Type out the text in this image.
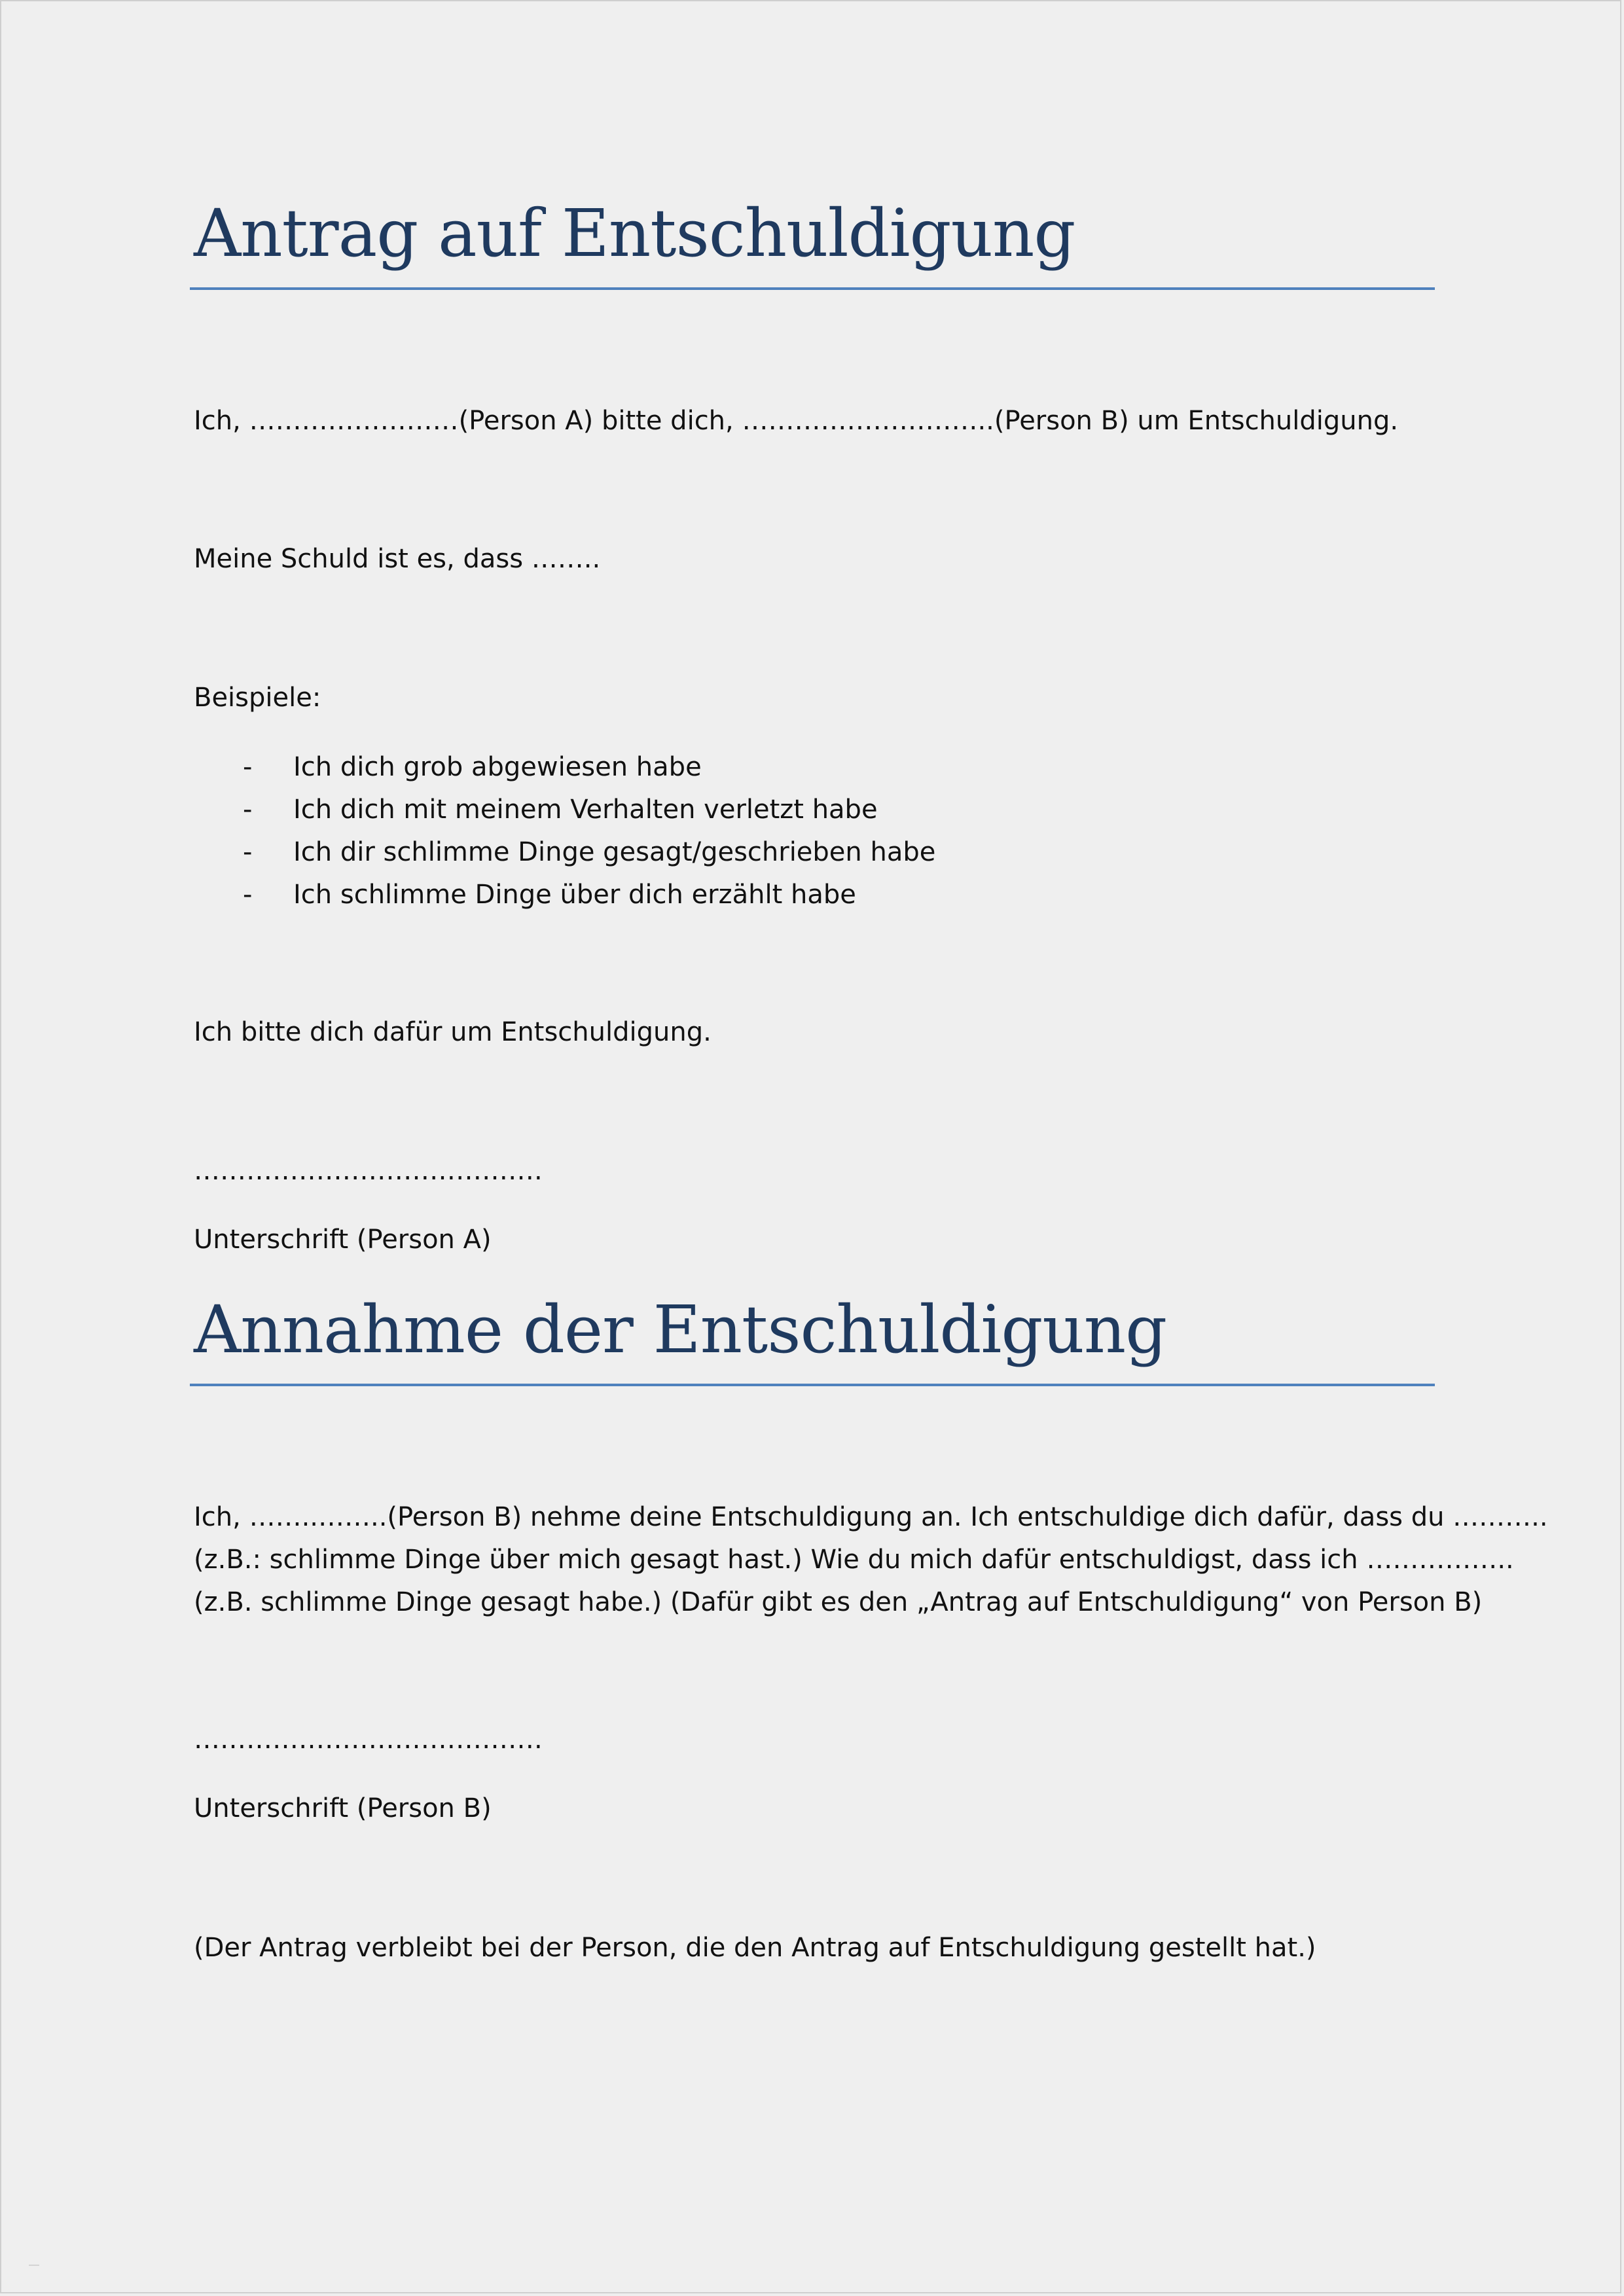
Antrag auf Entschuldigung
Ich, ……………………(Person A) bitte dich, ………………………..(Person B) um Entschuldigung.
Meine Schuld ist es, dass ……..
Beispiele:
- Ich dich grob abgewiesen habe
- Ich dich mit meinem Verhalten verletzt habe
- Ich dir schlimme Dinge gesagt/geschrieben habe
- Ich schlimme Dinge über dich erzählt habe
Ich bitte dich dafür um Entschuldigung.
………………………………….
Unterschrift (Person A)
Annahme der Entschuldigung
Ich, ……..……..(Person B) nehme deine Entschuldigung an. Ich entschuldige dich dafür, dass du ………..
(z.B.: schlimme Dinge über mich gesagt hast.) Wie du mich dafür entschuldigst, dass ich ……………..
(z.B. schlimme Dinge gesagt habe.) (Dafür gibt es den „Antrag auf Entschuldigung“ von Person B)
………………………………….
Unterschrift (Person B)
(Der Antrag verbleibt bei der Person, die den Antrag auf Entschuldigung gestellt hat.)
